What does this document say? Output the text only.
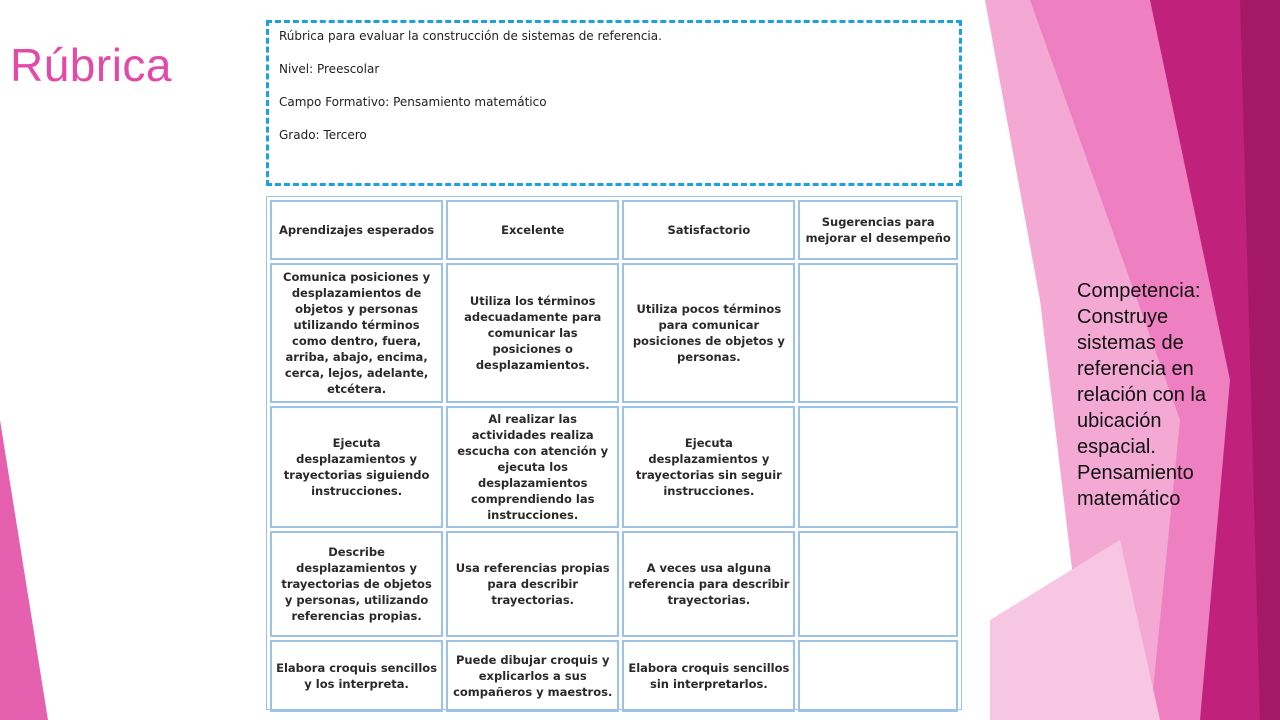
Rúbrica

Rúbrica para evaluar la construcción de sistemas de referencia.

Nivel: Preescolar

Campo Formativo: Pensamiento matemático

Grado: Tercero

Aprendizajes esperados	Excelente	Satisfactorio	Sugerencias para mejorar el desempeño
Comunica posiciones y desplazamientos de objetos y personas utilizando términos como dentro, fuera, arriba, abajo, encima, cerca, lejos, adelante, etcétera.	Utiliza los términos adecuadamente para comunicar las posiciones o desplazamientos.	Utiliza pocos términos para comunicar posiciones de objetos y personas.	
Ejecuta desplazamientos y trayectorias siguiendo instrucciones.	Al realizar las actividades realiza escucha con atención y ejecuta los desplazamientos comprendiendo las instrucciones.	Ejecuta desplazamientos y trayectorias sin seguir instrucciones.	
Describe desplazamientos y trayectorias de objetos y personas, utilizando referencias propias.	Usa referencias propias para describir trayectorias.	A veces usa alguna referencia para describir trayectorias.	
Elabora croquis sencillos y los interpreta.	Puede dibujar croquis y explicarlos a sus compañeros y maestros.	Elabora croquis sencillos sin interpretarlos.	

Competencia:

Construye

sistemas de

referencia en

relación con la

ubicación

espacial.

Pensamiento

matemático
